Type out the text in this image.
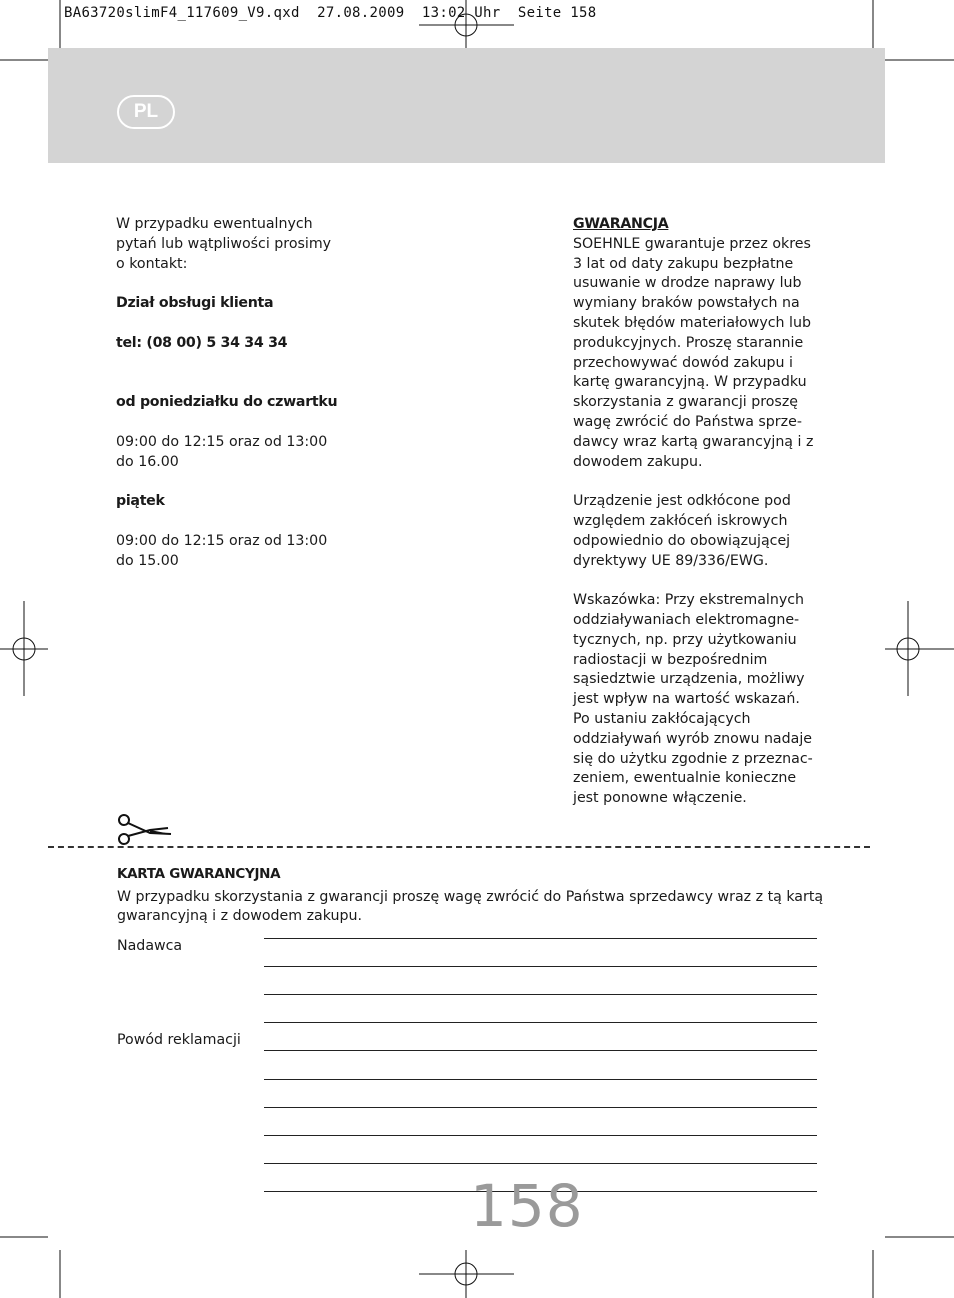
BA63720slimF4_117609_V9.qxd  27.08.2009  13:02 Uhr  Seite 158
PL
W przypadku ewentualnych
pytań lub wątpliwości prosimy
o kontakt:
Dział obsługi klienta
tel: (08 00) 5 34 34 34
od poniedziałku do czwartku
09:00 do 12:15 oraz od 13:00
do 16.00
piątek
09:00 do 12:15 oraz od 13:00
do 15.00
GWARANCJA
SOEHNLE gwarantuje przez okres
3 lat od daty zakupu bezpłatne
usuwanie w drodze naprawy lub
wymiany braków powstałych na
skutek błędów materiałowych lub
produkcyjnych. Proszę starannie
przechowywać dowód zakupu i
kartę gwarancyjną. W przypadku
skorzystania z gwarancji proszę
wagę zwrócić do Państwa sprze-
dawcy wraz kartą gwarancyjną i z
dowodem zakupu.
Urządzenie jest odkłócone pod
względem zakłóceń iskrowych
odpowiednio do obowiązującej
dyrektywy UE 89/336/EWG.
Wskazówka: Przy ekstremalnych
oddziaływaniach elektromagne-
tycznych, np. przy użytkowaniu
radiostacji w bezpośrednim
sąsiedztwie urządzenia, możliwy
jest wpływ na wartość wskazań.
Po ustaniu zakłócających
oddziaływań wyrób znowu nadaje
się do użytku zgodnie z przeznac-
zeniem, ewentualnie konieczne
jest ponowne włączenie.
KARTA GWARANCYJNA
W przypadku skorzystania z gwarancji proszę wagę zwrócić do Państwa sprzedawcy wraz z tą kartą
gwarancyjną i z dowodem zakupu.
Nadawca
Powód reklamacji
158
